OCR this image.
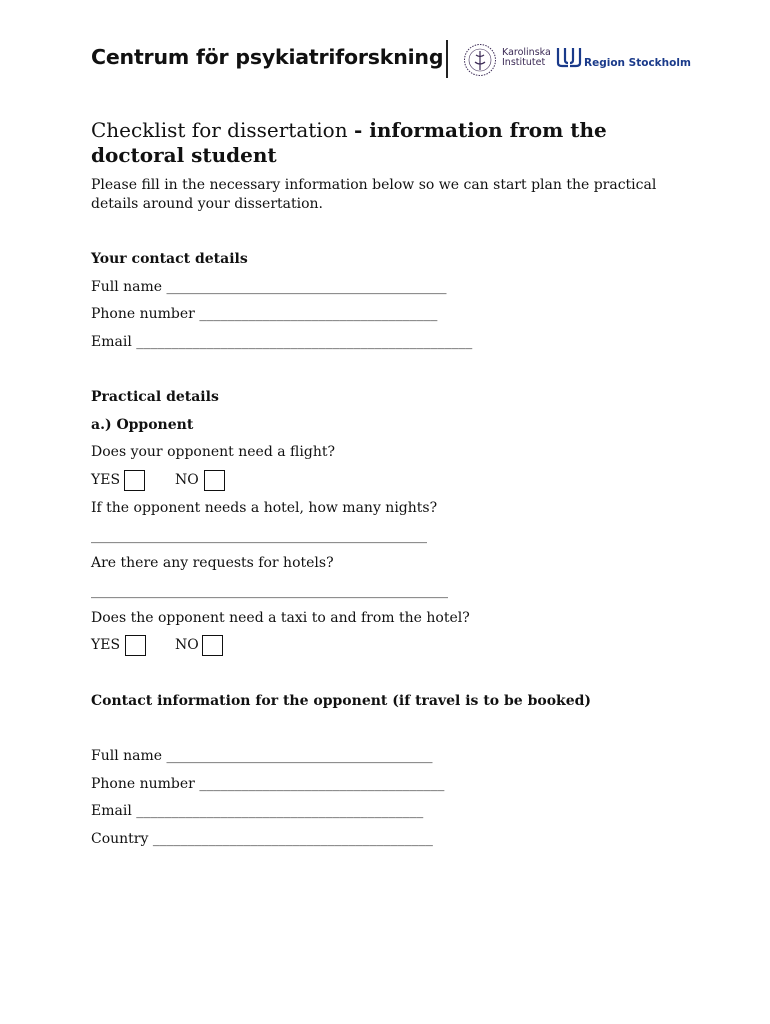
Centrum för psykiatriforskning	Karolinska
Institutet	Region Stockholm
Checklist for dissertation - information from the doctoral student

Please fill in the necessary information below so we can start plan the practical details around your dissertation.

Your contact details
Full name ________________________________________
Phone number __________________________________
Email ________________________________________________
Practical details
a.) Opponent
Does your opponent need a flight?
YES	NO
If the opponent needs a hotel, how many nights?
________________________________________________
Are there any requests for hotels?
___________________________________________________
Does the opponent need a taxi to and from the hotel?
YES	NO
Contact information for the opponent (if travel is to be booked)
Full name ______________________________________
Phone number ___________________________________
Email _________________________________________
Country ________________________________________
